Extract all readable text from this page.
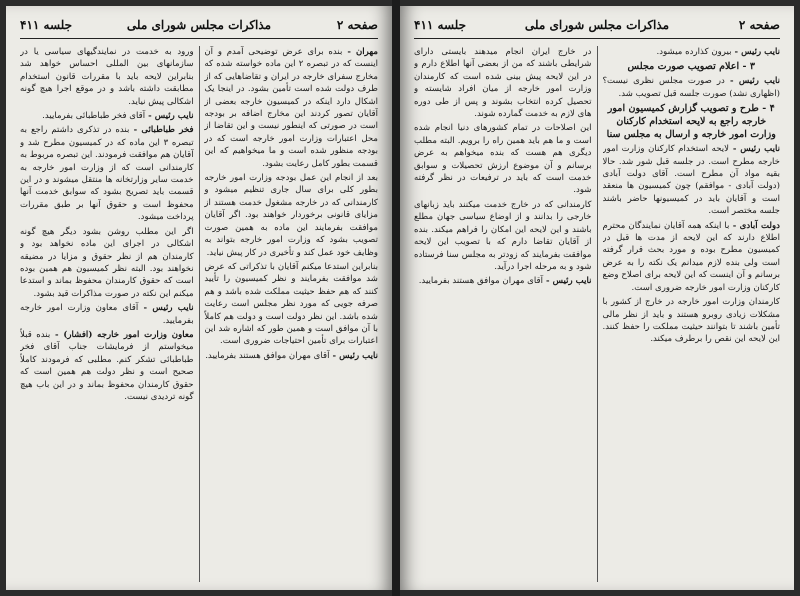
صفحه ۲
مذاکرات مجلس شورای ملی
جلسه ۴۱۱

مهران - بنده برای عرض توضیحی آمدم و آن اینست که در تبصره ۲ این ماده خواسته شده که مخارج سفرای خارجه در ایران و تقاضاهایی که از طرف دولت شده است تأمین بشود. در اینجا یک اشکال دارد اینکه در کمیسیون خارجه بعضی از آقایان تصور کردند این مخارج اضافه بر بودجه است در صورتی که اینطور نیست و این تقاضا از محل اعتبارات وزارت امور خارجه است که در بودجه منظور شده است و ما میخواهیم که این قسمت بطور کامل رعایت بشود.

بعد از انجام این عمل بودجه وزارت امور خارجه بطور کلی برای سال جاری تنظیم میشود و کارمندانی که در خارجه مشغول خدمت هستند از مزایای قانونی برخوردار خواهند بود. اگر آقایان موافقت بفرمایند این ماده به همین صورت تصویب بشود که وزارت امور خارجه بتواند به وظایف خود عمل کند و تأخیری در کار پیش نیاید.

بنابراین استدعا میکنم آقایان با تذکراتی که عرض شد موافقت بفرمایند و نظر کمیسیون را تأیید کنند که هم حفظ حیثیت مملکت شده باشد و هم صرفه جویی که مورد نظر مجلس است رعایت شده باشد. این نظر دولت است و دولت هم کاملاً با آن موافق است و همین طور که اشاره شد این اعتبارات برای تأمین احتیاجات ضروری است.

نایب رئیس - آقای مهران موافق هستند بفرمایید.

ورود به خدمت در نمایندگیهای سیاسی یا در سازمانهای بین المللی احساس خواهد شد بنابراین لایحه باید با مقررات قانون استخدام مطابقت داشته باشد و در موقع اجرا هیچ گونه اشکالی پیش نیاید.

نایب رئیس - آقای فخر طباطبائی بفرمایید.

فخر طباطبائی - بنده در تذکری داشتم راجع به تبصره ۳ این ماده که در کمیسیون مطرح شد و آقایان هم موافقت فرمودند. این تبصره مربوط به کارمندانی است که از وزارت امور خارجه به خدمت سایر وزارتخانه ها منتقل میشوند و در این قسمت باید تصریح بشود که سوابق خدمت آنها محفوظ است و حقوق آنها بر طبق مقررات پرداخت میشود.

اگر این مطلب روشن بشود دیگر هیچ گونه اشکالی در اجرای این ماده نخواهد بود و کارمندان هم از نظر حقوق و مزایا در مضیقه نخواهند بود. البته نظر کمیسیون هم همین بوده است که حقوق کارمندان محفوظ بماند و استدعا میکنم این نکته در صورت مذاکرات قید بشود.

نایب رئیس - آقای معاون وزارت امور خارجه بفرمایید.

معاون وزارت امور خارجه (افشار) - بنده قبلاً میخواستم از فرمایشات جناب آقای فخر طباطبائی تشکر کنم. مطلبی که فرمودند کاملاً صحیح است و نظر دولت هم همین است که حقوق کارمندان محفوظ بماند و در این باب هیچ گونه تردیدی نیست.

صفحه ۲
مذاکرات مجلس شورای ملی
جلسه ۴۱۱

نایب رئیس - بیرون کذارده میشود.

۳ - اعلام تصویب صورت مجلس

نایب رئیس - در صورت مجلس نظری نیست؟ (اظهاری نشد) صورت جلسه قبل تصویب شد.

۴ - طرح و تصویب گزارش کمیسیون امور خارجه راجع به لایحه استخدام کارکنان وزارت امور خارجه و ارسال به مجلس سنا

نایب رئیس - لایحه استخدام کارکنان وزارت امور خارجه مطرح است. در جلسه قبل شور شد. حالا بقیه مواد آن مطرح است. آقای دولت آبادی (دولت آبادی - موافقم) چون کمیسیون ها منعقد است و آقایان باید در کمیسیونها حاضر باشند جلسه مختصر است.

دولت آبادی - با اینکه همه آقایان نمایندگان محترم اطلاع دارند که این لایحه از مدت ها قبل در کمیسیون مطرح بوده و مورد بحث قرار گرفته است ولی بنده لازم میدانم یک نکته را به عرض برسانم و آن اینست که این لایحه برای اصلاح وضع کارکنان وزارت امور خارجه ضروری است.

کارمندان وزارت امور خارجه در خارج از کشور با مشکلات زیادی روبرو هستند و باید از نظر مالی تأمین باشند تا بتوانند حیثیت مملکت را حفظ کنند. این لایحه این نقص را برطرف میکند.

در خارج ایران انجام میدهند بایستی دارای شرایطی باشند که من از بعضی آنها اطلاع دارم و در این لایحه پیش بینی شده است که کارمندان وزارت امور خارجه از میان افراد شایسته و تحصیل کرده انتخاب بشوند و پس از طی دوره های لازم به خدمت گمارده شوند.

این اصلاحات در تمام کشورهای دنیا انجام شده است و ما هم باید همین راه را برویم. البته مطلب دیگری هم هست که بنده میخواهم به عرض برسانم و آن موضوع ارزش تحصیلات و سوابق خدمت است که باید در ترفیعات در نظر گرفته شود.

کارمندانی که در خارج خدمت میکنند باید زبانهای خارجی را بدانند و از اوضاع سیاسی جهان مطلع باشند و این لایحه این امکان را فراهم میکند. بنده از آقایان تقاضا دارم که با تصویب این لایحه موافقت بفرمایند که زودتر به مجلس سنا فرستاده شود و به مرحله اجرا درآید.

نایب رئیس - آقای مهران موافق هستند بفرمایید.
